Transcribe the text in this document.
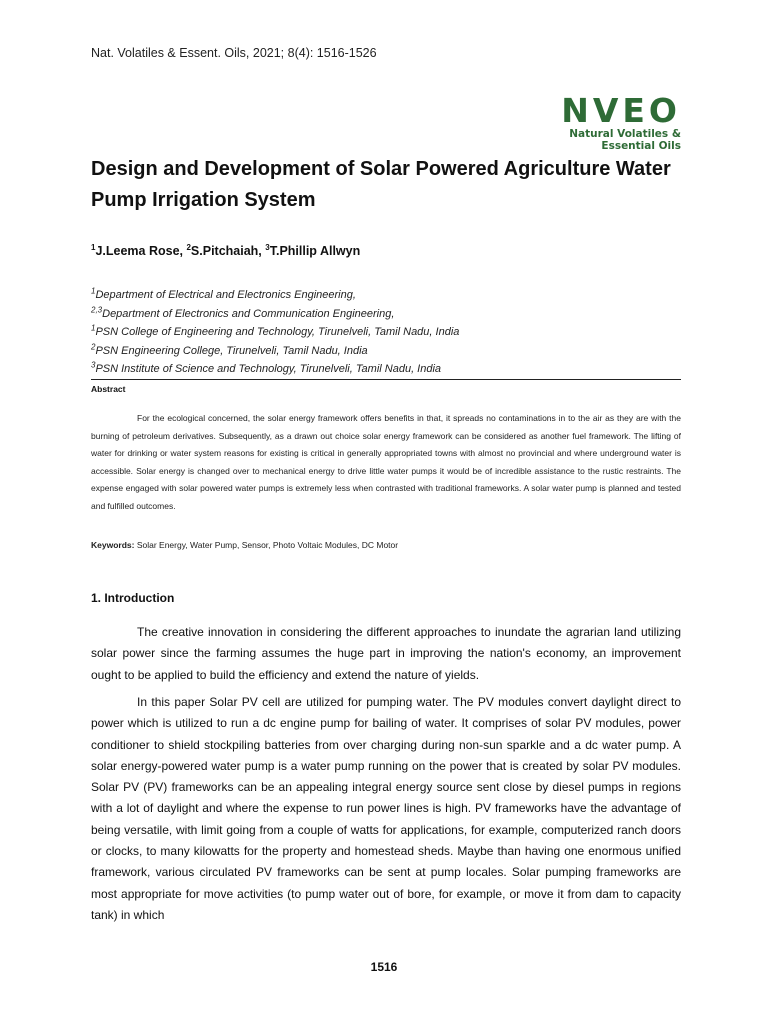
Nat. Volatiles & Essent. Oils, 2021; 8(4): 1516-1526
NVEO
Natural Volatiles &
Essential Oils
Design and Development of Solar Powered Agriculture Water Pump Irrigation System
$^1$J.Leema Rose, $^2$S.Pitchaiah, $^3$T.Phillip Allwyn
$^1$Department of Electrical and Electronics Engineering,
$^{2,3}$Department of Electronics and Communication Engineering,
$^1$PSN College of Engineering and Technology, Tirunelveli, Tamil Nadu, India
$^2$PSN Engineering College, Tirunelveli, Tamil Nadu, India
$^3$PSN Institute of Science and Technology, Tirunelveli, Tamil Nadu, India
Abstract
For the ecological concerned, the solar energy framework offers benefits in that, it spreads no contaminations in to the air as they are with the burning of petroleum derivatives. Subsequently, as a drawn out choice solar energy framework can be considered as another fuel framework. The lifting of water for drinking or water system reasons for existing is critical in generally appropriated towns with almost no provincial and where underground water is accessible. Solar energy is changed over to mechanical energy to drive little water pumps it would be of incredible assistance to the rustic restraints. The expense engaged with solar powered water pumps is extremely less when contrasted with traditional frameworks. A solar water pump is planned and tested and fulfilled outcomes.
Keywords: Solar Energy, Water Pump, Sensor, Photo Voltaic Modules, DC Motor
1. Introduction
The creative innovation in considering the different approaches to inundate the agrarian land utilizing solar power since the farming assumes the huge part in improving the nation's economy, an improvement ought to be applied to build the efficiency and extend the nature of yields.
In this paper Solar PV cell are utilized for pumping water. The PV modules convert daylight direct to power which is utilized to run a dc engine pump for bailing of water. It comprises of solar PV modules, power conditioner to shield stockpiling batteries from over charging during non-sun sparkle and a dc water pump. A solar energy-powered water pump is a water pump running on the power that is created by solar PV modules. Solar PV (PV) frameworks can be an appealing integral energy source sent close by diesel pumps in regions with a lot of daylight and where the expense to run power lines is high. PV frameworks have the advantage of being versatile, with limit going from a couple of watts for applications, for example, computerized ranch doors or clocks, to many kilowatts for the property and homestead sheds. Maybe than having one enormous unified framework, various circulated PV frameworks can be sent at pump locales. Solar pumping frameworks are most appropriate for move activities (to pump water out of bore, for example, or move it from dam to capacity tank) in which
1516
